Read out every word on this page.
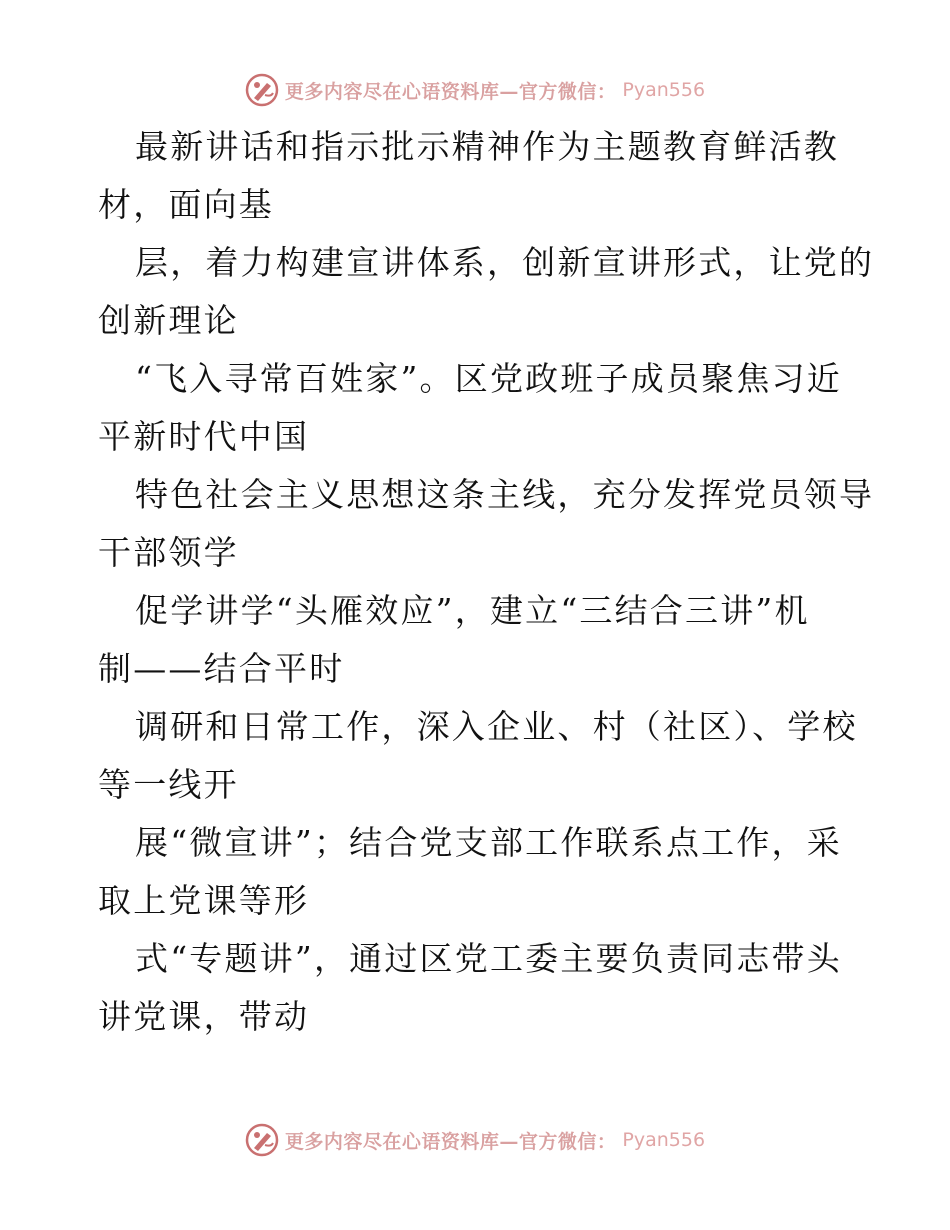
更多内容尽在心语资料库—官方微信： Pyan556
最新讲话和指示批示精神作为主题教育鲜活教
材，面向基
层，着力构建宣讲体系，创新宣讲形式，让党的
创新理论
“飞入寻常百姓家”。区党政班子成员聚焦习近
平新时代中国
特色社会主义思想这条主线，充分发挥党员领导
干部领学
促学讲学“头雁效应”，建立“三结合三讲”机
制——结合平时
调研和日常工作，深入企业、村（社区）、学校
等一线开
展“微宣讲”；结合党支部工作联系点工作，采
取上党课等形
式“专题讲”，通过区党工委主要负责同志带头
讲党课，带动
更多内容尽在心语资料库—官方微信： Pyan556
